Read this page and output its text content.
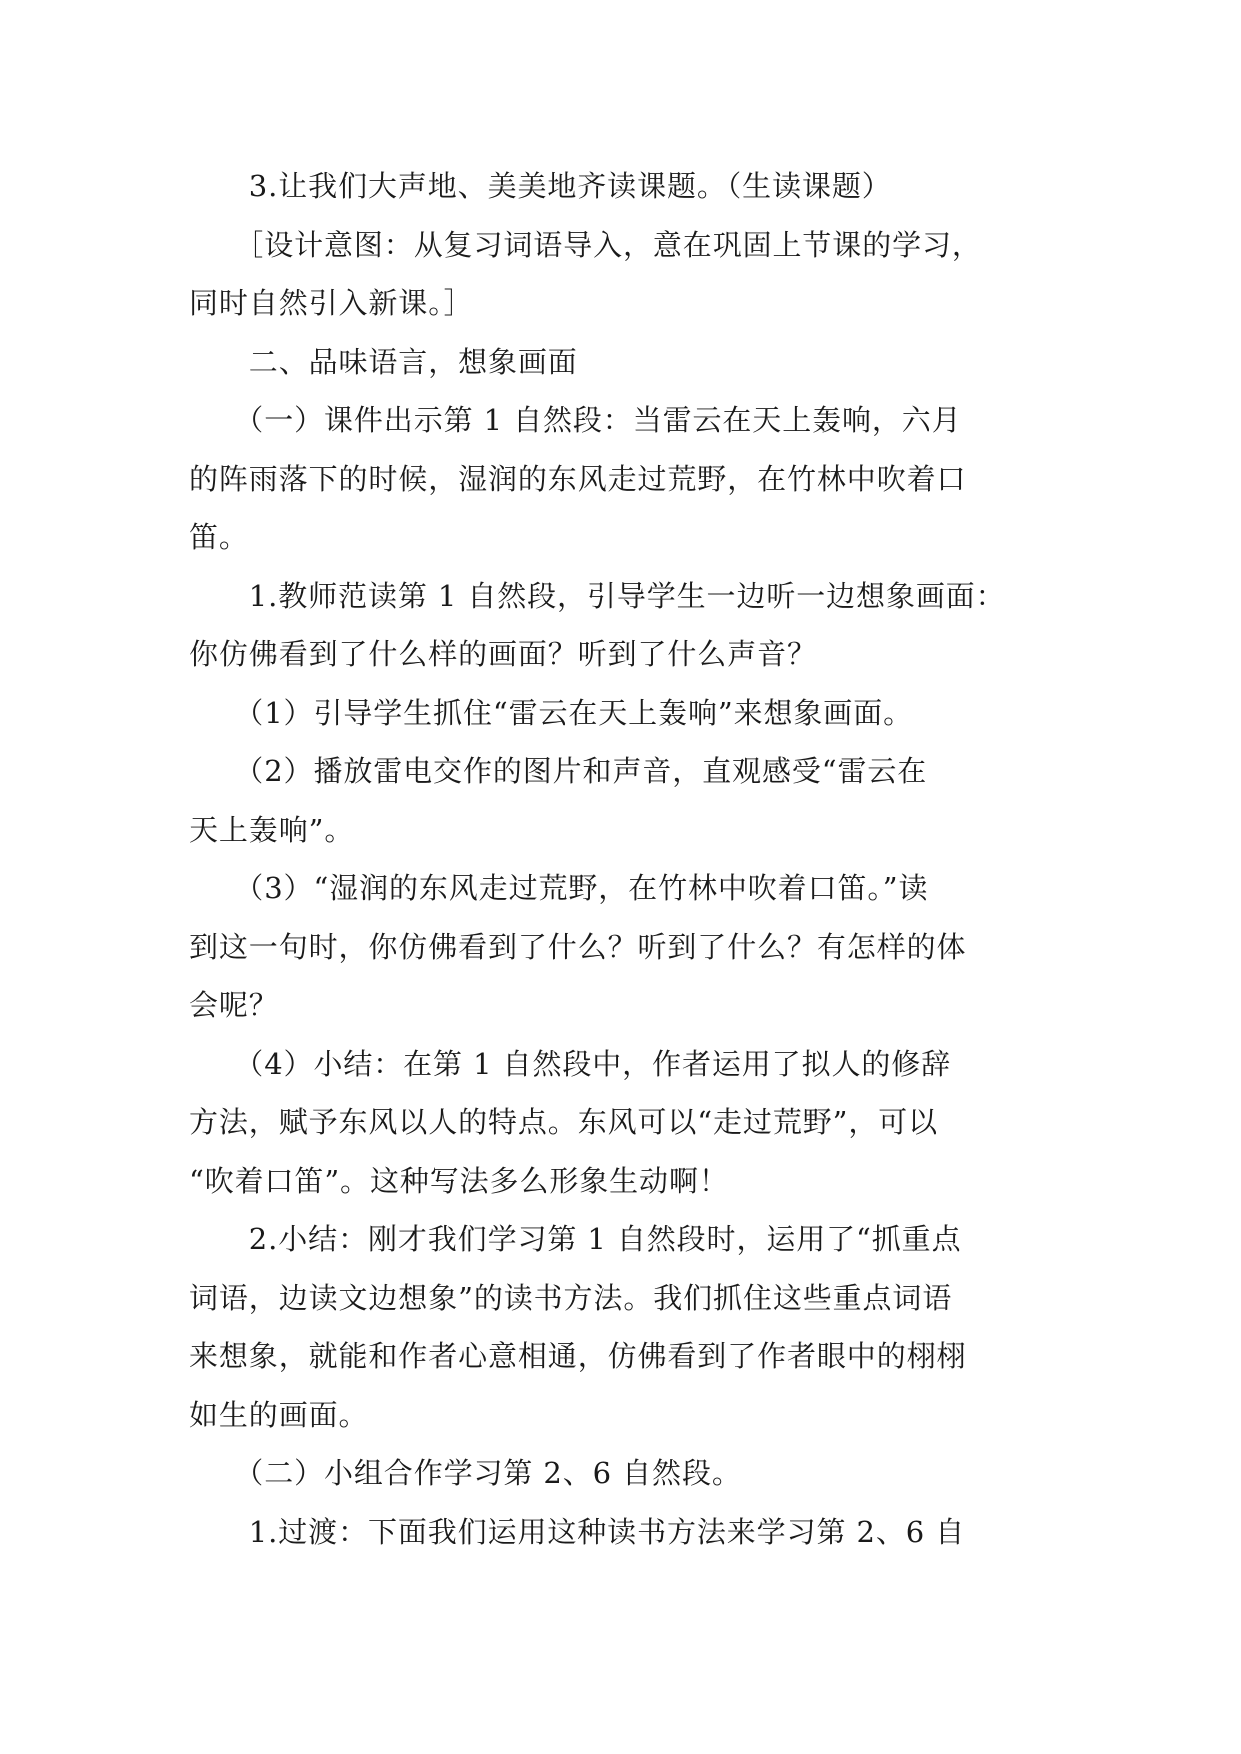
　　3.让我们大声地、美美地齐读课题。（生读课题）

　　［设计意图：从复习词语导入，意在巩固上节课的学习，
同时自然引入新课。］

　　二、品味语言，想象画面

　　（一）课件出示第 1 自然段：当雷云在天上轰响，六月
的阵雨落下的时候，湿润的东风走过荒野，在竹林中吹着口
笛。

　　1.教师范读第 1 自然段，引导学生一边听一边想象画面：
你仿佛看到了什么样的画面？听到了什么声音？

　　（1）引导学生抓住“雷云在天上轰响”来想象画面。

　　（2）播放雷电交作的图片和声音，直观感受“雷云在
天上轰响”。

　　（3）“湿润的东风走过荒野，在竹林中吹着口笛。”读
到这一句时，你仿佛看到了什么？听到了什么？有怎样的体
会呢？

　　（4）小结：在第 1 自然段中，作者运用了拟人的修辞
方法，赋予东风以人的特点。东风可以“走过荒野”，可以
“吹着口笛”。这种写法多么形象生动啊！

　　2.小结：刚才我们学习第 1 自然段时，运用了“抓重点
词语，边读文边想象”的读书方法。我们抓住这些重点词语
来想象，就能和作者心意相通，仿佛看到了作者眼中的栩栩
如生的画面。

　　（二）小组合作学习第 2、6 自然段。

　　1.过渡：下面我们运用这种读书方法来学习第 2、6 自
